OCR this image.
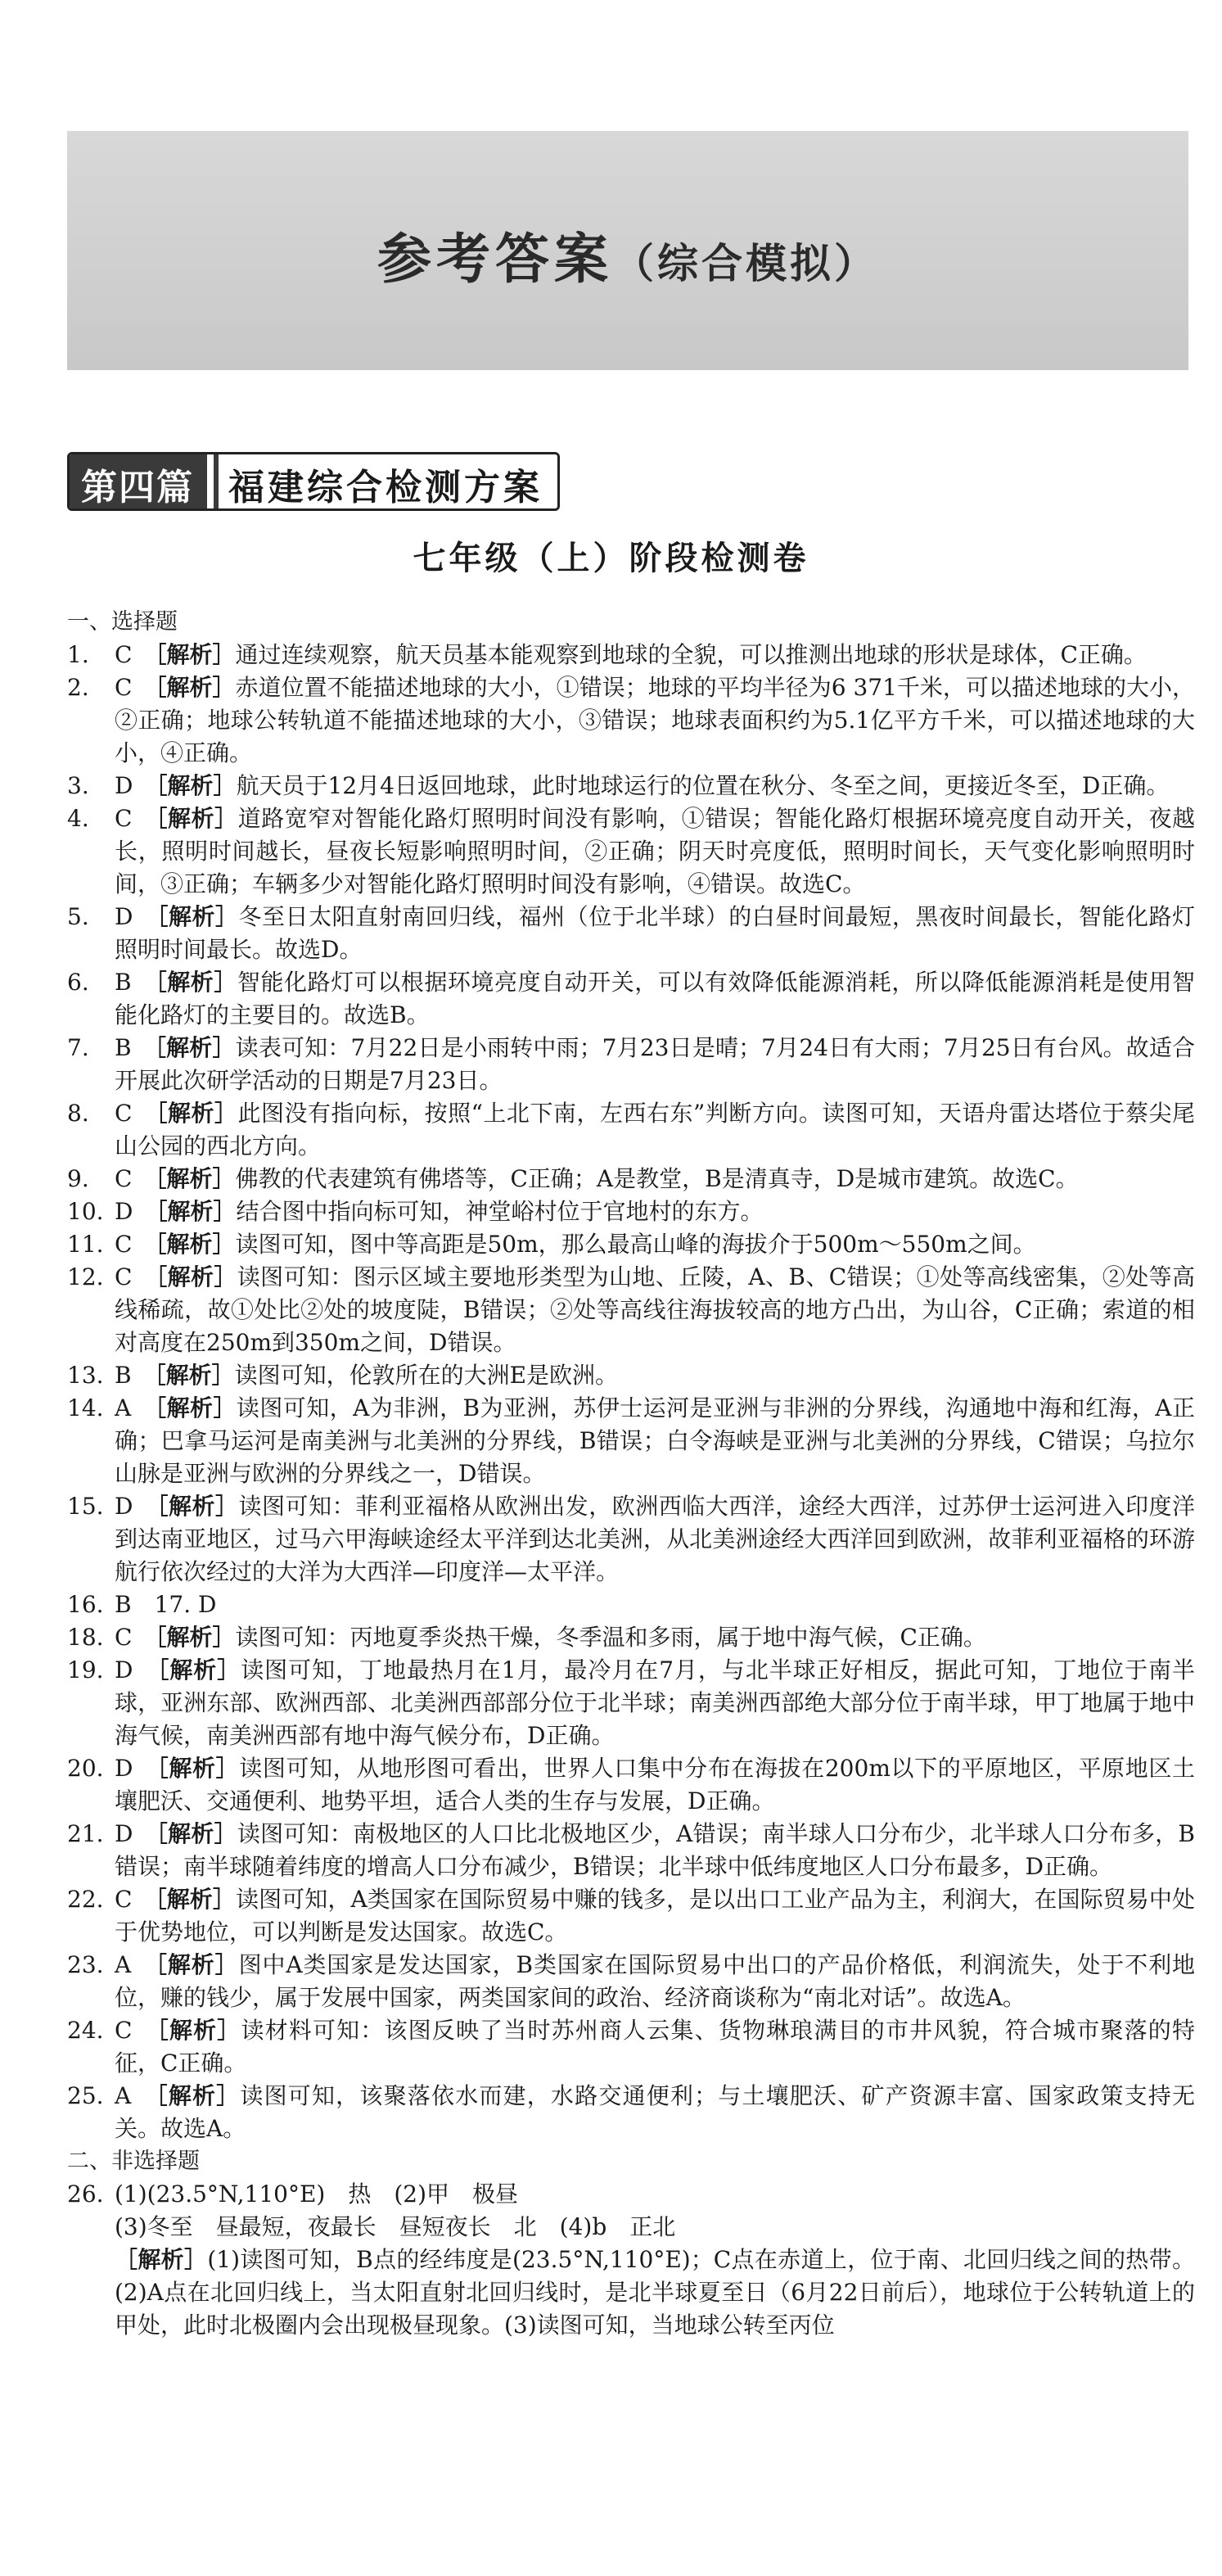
参考答案（综合模拟）
第四篇 福建综合检测方案
七年级（上）阶段检测卷

一、选择题

1. C　 ［解析］通过连续观察，航天员基本能观察到地球的全貌，可以推测出地球的形状是球体，C正确。

2. C　 ［解析］赤道位置不能描述地球的大小，①错误；地球的平均半径为6 371千米，可以描述地球的大小，②正确；地球公转轨道不能描述地球的大小，③错误；地球表面积约为5.1亿平方千米，可以描述地球的大小，④正确。

3. D　 ［解析］航天员于12月4日返回地球，此时地球运行的位置在秋分、冬至之间，更接近冬至，D正确。

4. C　 ［解析］道路宽窄对智能化路灯照明时间没有影响，①错误；智能化路灯根据环境亮度自动开关，夜越长，照明时间越长，昼夜长短影响照明时间，②正确；阴天时亮度低，照明时间长，天气变化影响照明时间，③正确；车辆多少对智能化路灯照明时间没有影响，④错误。故选C。

5. D　 ［解析］冬至日太阳直射南回归线，福州（位于北半球）的白昼时间最短，黑夜时间最长，智能化路灯照明时间最长。故选D。

6. B　 ［解析］智能化路灯可以根据环境亮度自动开关，可以有效降低能源消耗，所以降低能源消耗是使用智能化路灯的主要目的。故选B。

7. B　 ［解析］读表可知：7月22日是小雨转中雨；7月23日是晴；7月24日有大雨；7月25日有台风。故适合开展此次研学活动的日期是7月23日。

8. C　 ［解析］此图没有指向标，按照“上北下南，左西右东”判断方向。读图可知，天语舟雷达塔位于蔡尖尾山公园的西北方向。

9. C　 ［解析］佛教的代表建筑有佛塔等，C正确；A是教堂，B是清真寺，D是城市建筑。故选C。

10. D　 ［解析］结合图中指向标可知，神堂峪村位于官地村的东方。

11. C　 ［解析］读图可知，图中等高距是50m，那么最高山峰的海拔介于500m～550m之间。

12. C　 ［解析］读图可知：图示区域主要地形类型为山地、丘陵，A、B、C错误；①处等高线密集，②处等高线稀疏，故①处比②处的坡度陡，B错误；②处等高线往海拔较高的地方凸出，为山谷，C正确；索道的相对高度在250m到350m之间，D错误。

13. B　 ［解析］读图可知，伦敦所在的大洲E是欧洲。

14. A　 ［解析］读图可知，A为非洲，B为亚洲，苏伊士运河是亚洲与非洲的分界线，沟通地中海和红海，A正确；巴拿马运河是南美洲与北美洲的分界线，B错误；白令海峡是亚洲与北美洲的分界线，C错误；乌拉尔山脉是亚洲与欧洲的分界线之一，D错误。

15. D　 ［解析］读图可知：菲利亚福格从欧洲出发，欧洲西临大西洋，途经大西洋，过苏伊士运河进入印度洋到达南亚地区，过马六甲海峡途经太平洋到达北美洲，从北美洲途经大西洋回到欧洲，故菲利亚福格的环游航行依次经过的大洋为大西洋—印度洋—太平洋。

16. B　 17. D

18. C　 ［解析］读图可知：丙地夏季炎热干燥，冬季温和多雨，属于地中海气候，C正确。

19. D　 ［解析］读图可知，丁地最热月在1月，最冷月在7月，与北半球正好相反，据此可知，丁地位于南半球，亚洲东部、欧洲西部、北美洲西部部分位于北半球；南美洲西部绝大部分位于南半球，甲丁地属于地中海气候，南美洲西部有地中海气候分布，D正确。

20. D　 ［解析］读图可知，从地形图可看出，世界人口集中分布在海拔在200m以下的平原地区，平原地区土壤肥沃、交通便利、地势平坦，适合人类的生存与发展，D正确。

21. D　 ［解析］读图可知：南极地区的人口比北极地区少，A错误；南半球人口分布少，北半球人口分布多，B错误；南半球随着纬度的增高人口分布减少，B错误；北半球中低纬度地区人口分布最多，D正确。

22. C　 ［解析］读图可知，A类国家在国际贸易中赚的钱多，是以出口工业产品为主，利润大，在国际贸易中处于优势地位，可以判断是发达国家。故选C。

23. A　 ［解析］图中A类国家是发达国家，B类国家在国际贸易中出口的产品价格低，利润流失，处于不利地位，赚的钱少，属于发展中国家，两类国家间的政治、经济商谈称为“南北对话”。故选A。

24. C　 ［解析］读材料可知：该图反映了当时苏州商人云集、货物琳琅满目的市井风貌，符合城市聚落的特征，C正确。

25. A　 ［解析］读图可知，该聚落依水而建，水路交通便利；与土壤肥沃、矿产资源丰富、国家政策支持无关。故选A。

二、非选择题

26. (1)(23.5°N,110°E)　热　(2)甲　极昼

(3)冬至　昼最短，夜最长　昼短夜长　北　(4)b　正北

［解析］(1)读图可知，B点的经纬度是(23.5°N,110°E)；C点在赤道上，位于南、北回归线之间的热带。(2)A点在北回归线上，当太阳直射北回归线时，是北半球夏至日（6月22日前后），地球位于公转轨道上的甲处，此时北极圈内会出现极昼现象。(3)读图可知，当地球公转至丙位
